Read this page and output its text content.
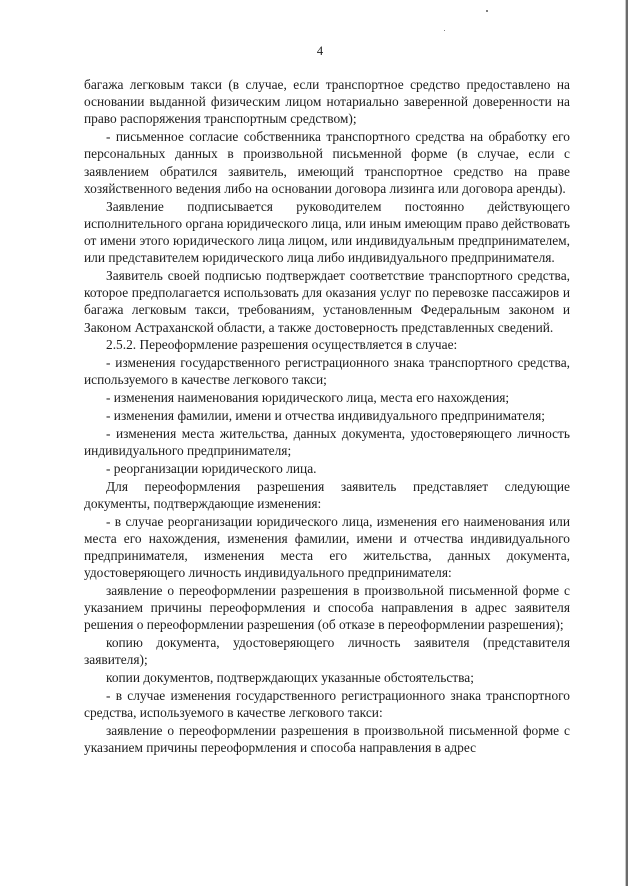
4

багажа легковым такси (в случае, если транспортное средство предоставлено на основании выданной физическим лицом нотариально заверенной доверенности на право распоряжения транспортным средством);

- письменное согласие собственника транспортного средства на обработку его персональных данных в произвольной письменной форме (в случае, если с заявлением обратился заявитель, имеющий транспортное средство на праве хозяйственного ведения либо на основании договора лизинга или договора аренды).

Заявление подписывается руководителем постоянно действующего исполнительного органа юридического лица, или иным имеющим право действовать от имени этого юридического лица лицом, или индивидуальным предпринимателем, или представителем юридического лица либо индивидуального предпринимателя.

Заявитель своей подписью подтверждает соответствие транспортного средства, которое предполагается использовать для оказания услуг по перевозке пассажиров и багажа легковым такси, требованиям, установленным Федеральным законом и Законом Астраханской области, а также достоверность представленных сведений.

2.5.2. Переоформление разрешения осуществляется в случае:

- изменения государственного регистрационного знака транспортного средства, используемого в качестве легкового такси;

- изменения наименования юридического лица, места его нахождения;

- изменения фамилии, имени и отчества индивидуального предпринимателя;

- изменения места жительства, данных документа, удостоверяющего личность индивидуального предпринимателя;

- реорганизации юридического лица.

Для переоформления разрешения заявитель представляет следующие документы, подтверждающие изменения:

- в случае реорганизации юридического лица, изменения его наименования или места его нахождения, изменения фамилии, имени и отчества индивидуального предпринимателя, изменения места его жительства, данных документа, удостоверяющего личность индивидуального предпринимателя:

заявление о переоформлении разрешения в произвольной письменной форме с указанием причины переоформления и способа направления в адрес заявителя решения о переоформлении разрешения (об отказе в переоформлении разрешения);

копию документа, удостоверяющего личность заявителя (представителя заявителя);

копии документов, подтверждающих указанные обстоятельства;

- в случае изменения государственного регистрационного знака транспортного средства, используемого в качестве легкового такси:

заявление о переоформлении разрешения в произвольной письменной форме с указанием причины переоформления и способа направления в адрес
